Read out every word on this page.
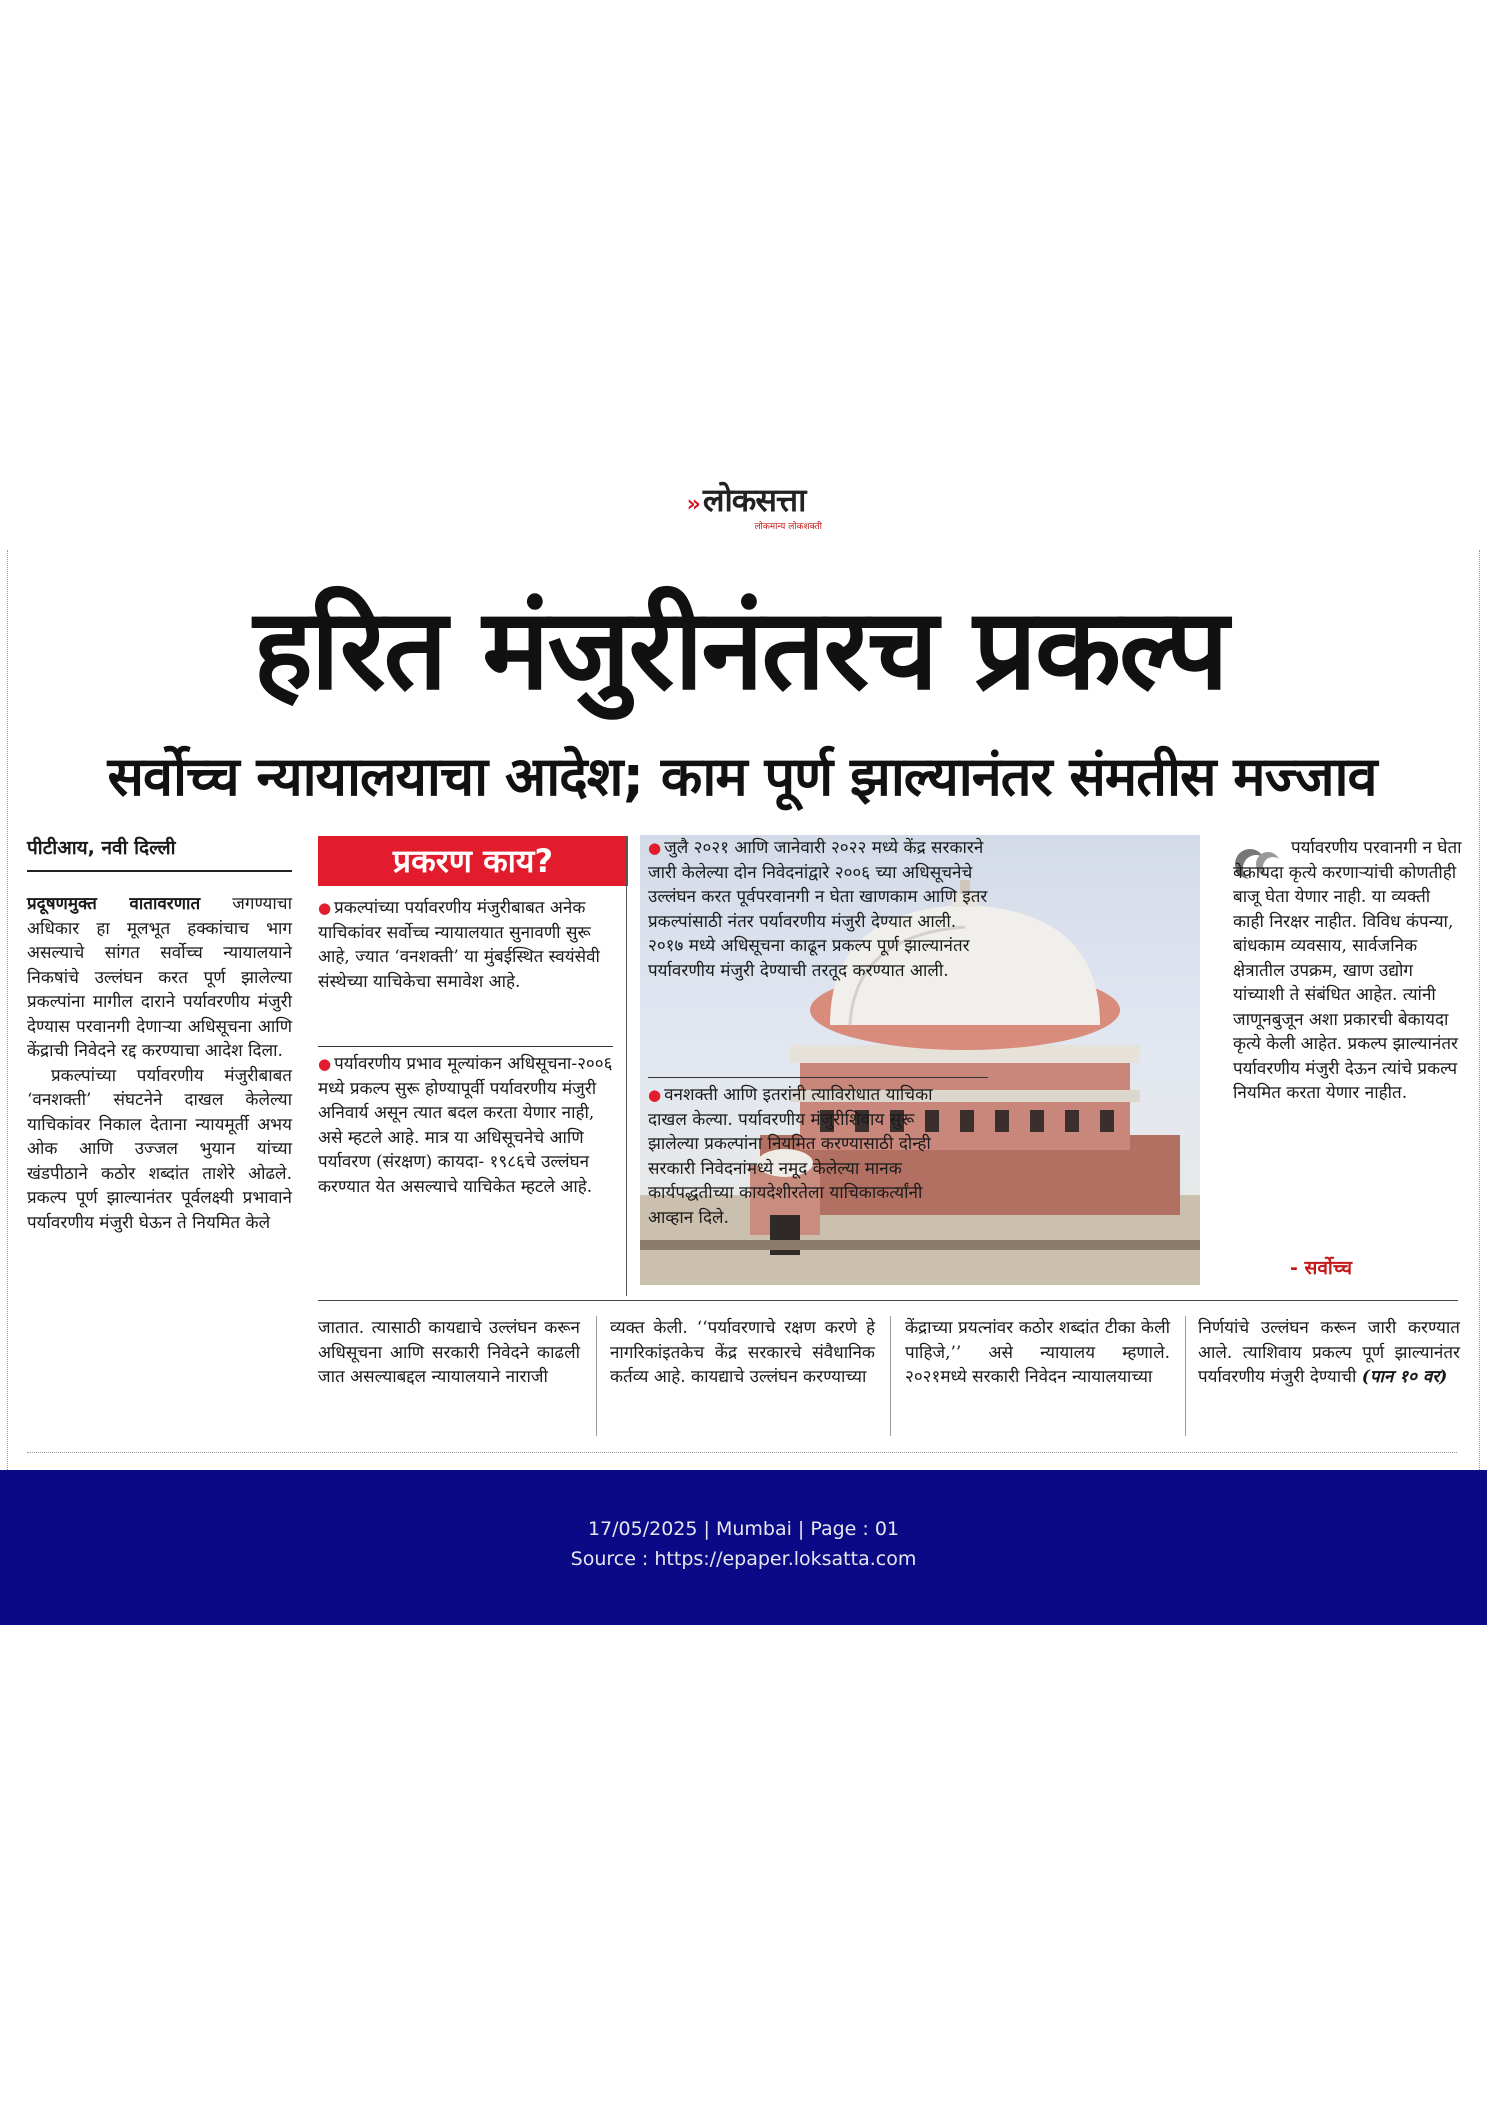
»लोकसत्ता
लोकमान्य लोकशक्ती
हरित मंजुरीनंतरच प्रकल्प
सर्वोच्च न्यायालयाचा आदेश; काम पूर्ण झाल्यानंतर संमतीस मज्जाव
पीटीआय, नवी दिल्ली
प्रदूषणमुक्त वातावरणात जगण्याचा अधिकार हा मूलभूत हक्कांचाच भाग असल्याचे सांगत सर्वोच्च न्यायालयाने निकषांचे उल्लंघन करत पूर्ण झालेल्या प्रकल्पांना मागील दाराने पर्यावरणीय मंजुरी देण्यास परवानगी देणाऱ्या अधिसूचना आणि केंद्राची निवेदने रद्द करण्याचा आदेश दिला.
प्रकल्पांच्या पर्यावरणीय मंजुरीबाबत ‘वनशक्ती’ संघटनेने दाखल केलेल्या याचिकांवर निकाल देताना न्यायमूर्ती अभय ओक आणि उज्जल भुयान यांच्या खंडपीठाने कठोर शब्दांत ताशेरे ओढले. प्रकल्प पूर्ण झाल्यानंतर पूर्वलक्ष्यी प्रभावाने पर्यावरणीय मंजुरी घेऊन ते नियमित केले
प्रकरण काय?
● प्रकल्पांच्या पर्यावरणीय मंजुरीबाबत अनेक याचिकांवर सर्वोच्च न्यायालयात सुनावणी सुरू आहे, ज्यात ‘वनशक्ती’ या मुंबईस्थित स्वयंसेवी संस्थेच्या याचिकेचा समावेश आहे.
● पर्यावरणीय प्रभाव मूल्यांकन अधिसूचना-२००६ मध्ये प्रकल्प सुरू होण्यापूर्वी पर्यावरणीय मंजुरी अनिवार्य असून त्यात बदल करता येणार नाही, असे म्हटले आहे. मात्र या अधिसूचनेचे आणि पर्यावरण (संरक्षण) कायदा- १९८६चे उल्लंघन करण्यात येत असल्याचे याचिकेत म्हटले आहे.
● जुलै २०२१ आणि जानेवारी २०२२ मध्ये केंद्र सरकारने जारी केलेल्या दोन निवेदनांद्वारे २००६ च्या अधिसूचनेचे उल्लंघन करत पूर्वपरवानगी न घेता खाणकाम आणि इतर प्रकल्पांसाठी नंतर पर्यावरणीय मंजुरी देण्यात आली. २०१७ मध्ये अधिसूचना काढून प्रकल्प पूर्ण झाल्यानंतर पर्यावरणीय मंजुरी देण्याची तरतूद करण्यात आली.
● वनशक्ती आणि इतरांनी त्याविरोधात याचिका दाखल केल्या. पर्यावरणीय मंजुरीशिवाय सुरू झालेल्या प्रकल्पांना नियमित करण्यासाठी दोन्ही सरकारी निवेदनांमध्ये नमूद केलेल्या मानक कार्यपद्धतीच्या कायदेशीरतेला याचिकाकर्त्यांनी आव्हान दिले.
पर्यावरणीय परवानगी न घेता बेकायदा कृत्ये करणाऱ्यांची कोणतीही बाजू घेता येणार नाही. या व्यक्ती काही निरक्षर नाहीत. विविध कंपन्या, बांधकाम व्यवसाय, सार्वजनिक क्षेत्रातील उपक्रम, खाण उद्योग यांच्याशी ते संबंधित आहेत. त्यांनी जाणूनबुजून अशा प्रकारची बेकायदा कृत्ये केली आहेत. प्रकल्प झाल्यानंतर पर्यावरणीय मंजुरी देऊन त्यांचे प्रकल्प नियमित करता येणार नाहीत.
- सर्वोच्च
जातात. त्यासाठी कायद्याचे उल्लंघन करून अधिसूचना आणि सरकारी निवेदने काढली जात असल्याबद्दल न्यायालयाने नाराजी
व्यक्त केली. ‘‘पर्यावरणाचे रक्षण करणे हे नागरिकांइतकेच केंद्र सरकारचे संवैधानिक कर्तव्य आहे. कायद्याचे उल्लंघन करण्याच्या
केंद्राच्या प्रयत्नांवर कठोर शब्दांत टीका केली पाहिजे,’’ असे न्यायालय म्हणाले. २०२१मध्ये सरकारी निवेदन न्यायालयाच्या
निर्णयांचे उल्लंघन करून जारी करण्यात आले. त्याशिवाय प्रकल्प पूर्ण झाल्यानंतर पर्यावरणीय मंजुरी देण्याची (पान १० वर)
17/05/2025 | Mumbai | Page : 01
Source : https://epaper.loksatta.com
